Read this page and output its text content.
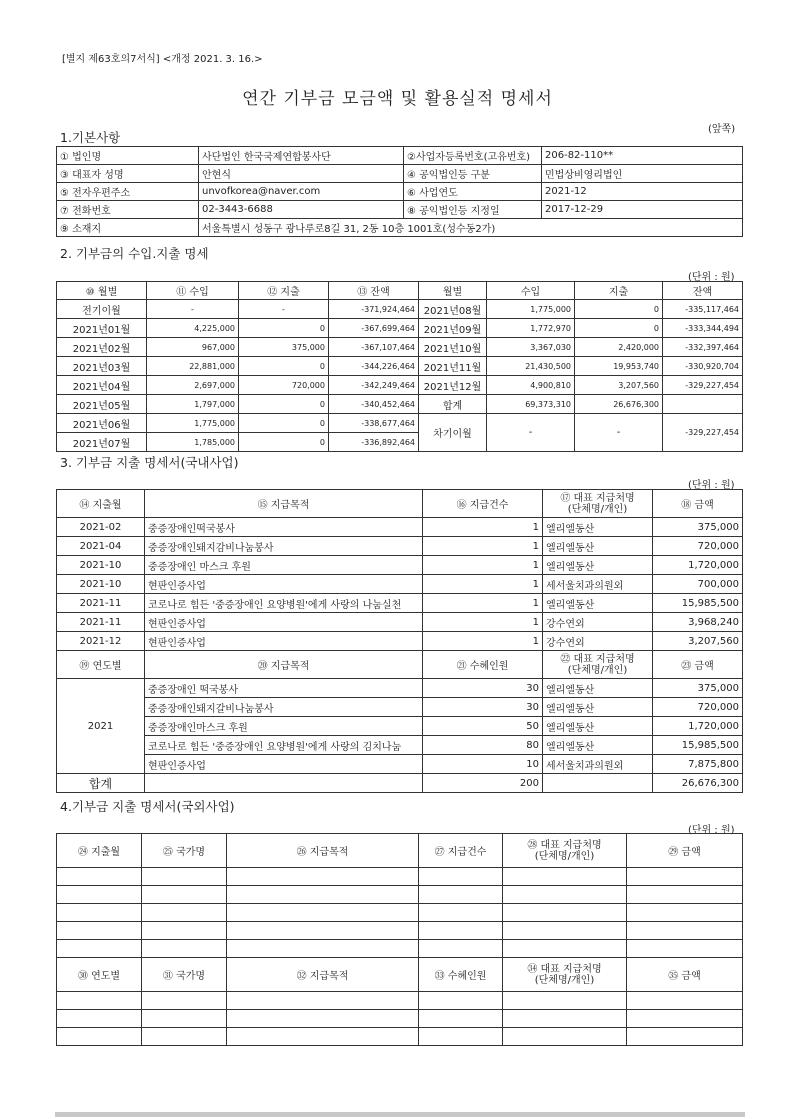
[별지 제63호의7서식] <개정 2021. 3. 16.>
연간 기부금 모금액 및 활용실적 명세서
(앞쪽)
1.기본사항
① 법인명	사단법인 한국국제연합봉사단	②사업자등록번호(고유번호)	206-82-110**
③ 대표자 성명	안현식	④ 공익법인등 구분	민법상비영리법인
⑤ 전자우편주소	unvofkorea@naver.com	⑥ 사업연도	2021-12
⑦ 전화번호	02-3443-6688	⑧ 공익법인등 지정일	2017-12-29
⑨ 소재지	서울특별시 성동구 광나루로8길 31, 2동 10층 1001호(성수동2가)		
2. 기부금의 수입.지출 명세
(단위 : 원)
⑩ 월별	⑪ 수입	⑫ 지출	⑬ 잔액	월별	수입	지출	잔액
전기이월	-	-	-371,924,464	2021년08월	1,775,000	0	-335,117,464
2021년01월	4,225,000	0	-367,699,464	2021년09월	1,772,970	0	-333,344,494
2021년02월	967,000	375,000	-367,107,464	2021년10월	3,367,030	2,420,000	-332,397,464
2021년03월	22,881,000	0	-344,226,464	2021년11월	21,430,500	19,953,740	-330,920,704
2021년04월	2,697,000	720,000	-342,249,464	2021년12월	4,900,810	3,207,560	-329,227,454
2021년05월	1,797,000	0	-340,452,464	합계	69,373,310	26,676,300	
2021년06월	1,775,000	0	-338,677,464	차기이월	-	-	-329,227,454
2021년07월	1,785,000	0	-336,892,464				
3. 기부금 지출 명세서(국내사업)
(단위 : 원)
⑭ 지출월	⑮ 지급목적	⑯ 지급건수	⑰ 대표 지급처명
(단체명/개인)	⑱ 금액
2021-02	중증장애인떡국봉사	1	엘리엘동산	375,000
2021-04	중증장애인돼지감비나눔봉사	1	엘리엘동산	720,000
2021-10	중증장애인 마스크 후원	1	엘리엘동산	1,720,000
2021-10	현판인증사업	1	세서울치과의원외	700,000
2021-11	코로나로 힘든 '중증장애인 요양병원'에게 사랑의 나눔실천	1	엘리엘동산	15,985,500
2021-11	현판인증사업	1	강수연외	3,968,240
2021-12	현판인증사업	1	강수연외	3,207,560
⑲ 연도별	⑳ 지급목적	㉑ 수혜인원	㉒ 대표 지급처명
(단체명/개인)	㉓ 금액
2021	중증장애인 떡국봉사	30	엘리엘동산	375,000
	중증장애인돼지갈비나눔봉사	30	엘리엘동산	720,000
	중증장애인마스크 후원	50	엘리엘동산	1,720,000
	코로나로 힘든 '중증장애인 요양병원'에게 사랑의 김치나눔	80	엘리엘동산	15,985,500
	현판인증사업	10	세서울치과의원외	7,875,800
합계		200		26,676,300
4.기부금 지출 명세서(국외사업)
(단위 : 원)
㉔ 지출월	㉕ 국가명	㉖ 지급목적	㉗ 지급건수	㉘ 대표 지급처명
(단체명/개인)	㉙ 금액

㉚ 연도별	㉛ 국가명	㉜ 지급목적	㉝ 수혜인원	㉞ 대표 지급처명
(단체명/개인)	㉟ 금액
